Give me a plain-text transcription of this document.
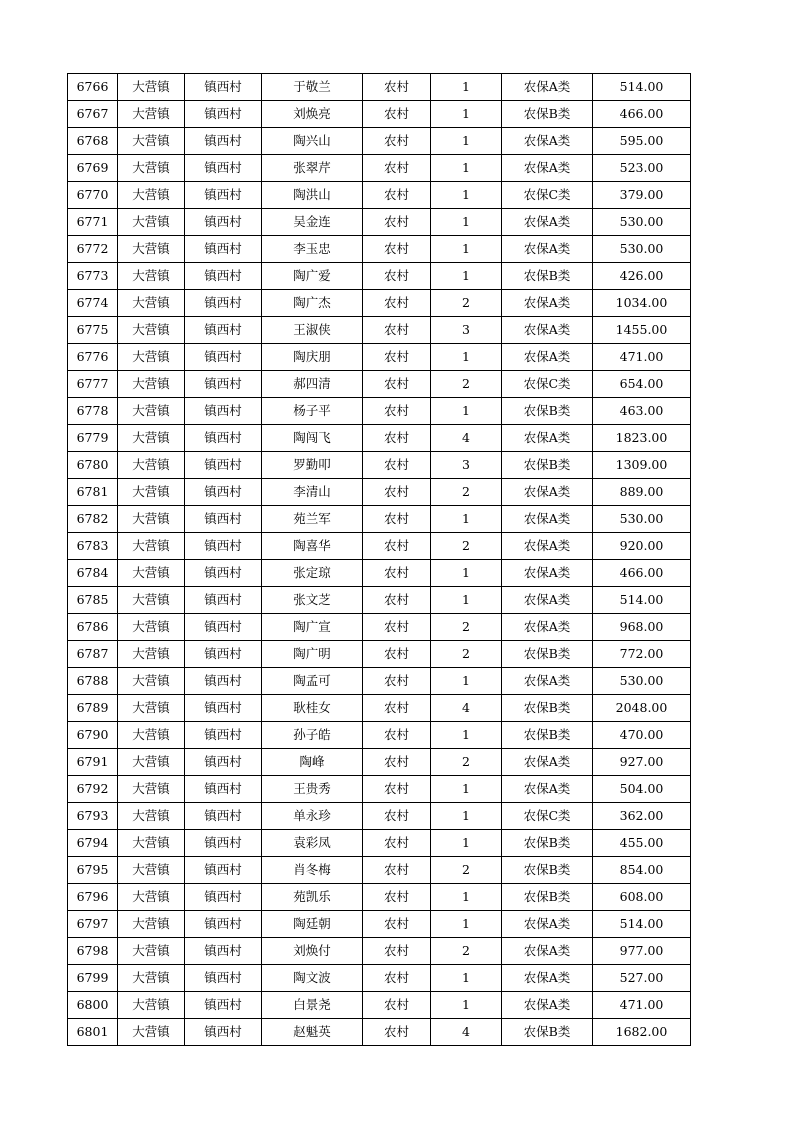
6766	大营镇	镇西村	于敬兰	农村	1	农保A类	514.00
6767	大营镇	镇西村	刘焕亮	农村	1	农保B类	466.00
6768	大营镇	镇西村	陶兴山	农村	1	农保A类	595.00
6769	大营镇	镇西村	张翠芹	农村	1	农保A类	523.00
6770	大营镇	镇西村	陶洪山	农村	1	农保C类	379.00
6771	大营镇	镇西村	吴金连	农村	1	农保A类	530.00
6772	大营镇	镇西村	李玉忠	农村	1	农保A类	530.00
6773	大营镇	镇西村	陶广爱	农村	1	农保B类	426.00
6774	大营镇	镇西村	陶广杰	农村	2	农保A类	1034.00
6775	大营镇	镇西村	王淑侠	农村	3	农保A类	1455.00
6776	大营镇	镇西村	陶庆朋	农村	1	农保A类	471.00
6777	大营镇	镇西村	郝四清	农村	2	农保C类	654.00
6778	大营镇	镇西村	杨子平	农村	1	农保B类	463.00
6779	大营镇	镇西村	陶闯飞	农村	4	农保A类	1823.00
6780	大营镇	镇西村	罗勤叩	农村	3	农保B类	1309.00
6781	大营镇	镇西村	李清山	农村	2	农保A类	889.00
6782	大营镇	镇西村	苑兰军	农村	1	农保A类	530.00
6783	大营镇	镇西村	陶喜华	农村	2	农保A类	920.00
6784	大营镇	镇西村	张定琼	农村	1	农保A类	466.00
6785	大营镇	镇西村	张文芝	农村	1	农保A类	514.00
6786	大营镇	镇西村	陶广宣	农村	2	农保A类	968.00
6787	大营镇	镇西村	陶广明	农村	2	农保B类	772.00
6788	大营镇	镇西村	陶孟可	农村	1	农保A类	530.00
6789	大营镇	镇西村	耿桂女	农村	4	农保B类	2048.00
6790	大营镇	镇西村	孙子皓	农村	1	农保B类	470.00
6791	大营镇	镇西村	陶峰	农村	2	农保A类	927.00
6792	大营镇	镇西村	王贵秀	农村	1	农保A类	504.00
6793	大营镇	镇西村	单永珍	农村	1	农保C类	362.00
6794	大营镇	镇西村	袁彩凤	农村	1	农保B类	455.00
6795	大营镇	镇西村	肖冬梅	农村	2	农保B类	854.00
6796	大营镇	镇西村	苑凯乐	农村	1	农保B类	608.00
6797	大营镇	镇西村	陶廷朝	农村	1	农保A类	514.00
6798	大营镇	镇西村	刘焕付	农村	2	农保A类	977.00
6799	大营镇	镇西村	陶文波	农村	1	农保A类	527.00
6800	大营镇	镇西村	白景尧	农村	1	农保A类	471.00
6801	大营镇	镇西村	赵魁英	农村	4	农保B类	1682.00
